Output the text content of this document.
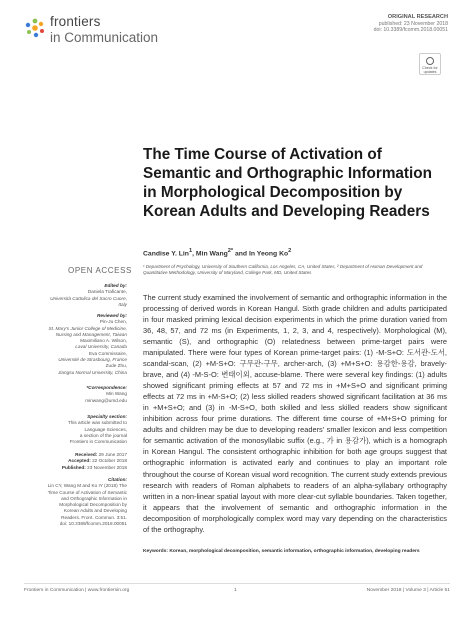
frontiers
in Communication
ORIGINAL RESEARCH
published: 23 November 2018
doi: 10.3389/fcomm.2018.00051
Check for
updates
The Time Course of Activation of Semantic and Orthographic Information in Morphological Decomposition by Korean Adults and Developing Readers
Candise Y. Lin$^1$, Min Wang$^{2*}$ and In Yeong Ko$^2$
¹ Department of Psychology, University of Southern California, Los Angeles, CA, United States, ² Department of Human Development and Quantitative Methodology, University of Maryland, College Park, MD, United States
OPEN ACCESS
Edited by:
Daniela Traficante,
Università Cattolica del Sacro Cuore,
Italy
Reviewed by:
Pin-Ju Chen,
St. Mary's Junior College of Medicine,
Nursing and Management, Taiwan
Maximiliano A. Wilson,
Laval University, Canada
Eva Commissaire,
Université de Strasbourg, France
Zude Zhu,
Jiangsu Normal University, China
*Correspondence:
Min Wang
minwang@umd.edu
Specialty section:
This article was submitted to
Language Sciences,
a section of the journal
Frontiers in Communication
Received: 29 June 2017
Accepted: 22 October 2018
Published: 23 November 2018
Citation:
Lin CY, Wang M and Ko IY (2018) The
Time Course of Activation of Semantic
and Orthographic Information in
Morphological Decomposition by
Korean Adults and Developing
Readers. Front. Commun. 3:51.
doi: 10.3389/fcomm.2018.00051
The current study examined the involvement of semantic and orthographic information in the processing of derived words in Korean Hangul. Sixth grade children and adults participated in four masked priming lexical decision experiments in which the prime duration varied from 36, 48, 57, and 72 ms (in Experiments, 1, 2, 3, and 4, respectively). Morphological (M), semantic (S), and orthographic (O) relatedness between prime-target pairs were manipulated. There were four types of Korean prime-target pairs: (1) -M-S+O: 도서관-도서, scandal-scan, (2) +M-S+O: 구무관-구무, archer-arch, (3) +M+S+O: 용감한-용감, bravely-brave, and (4) -M-S-O: 변태이외, accuse-blame. There were several key findings: (1) adults showed significant priming effects at 57 and 72 ms in +M+S+O and significant priming effects at 72 ms in +M-S+O; (2) less skilled readers showed significant facilitation at 36 ms in +M+S+O; and (3) in -M-S+O, both skilled and less skilled readers show significant inhibition across four prime durations. The different time course of +M+S+O priming for adults and children may be due to developing readers' smaller lexicon and less competition for semantic activation of the monosyllabic suffix (e.g., 가 in 용감가), which is a homograph in Korean Hangul. The consistent orthographic inhibition for both age groups suggest that orthographic information is activated early and continues to play an important role throughout the course of Korean visual word recognition. The current study extends previous research with readers of Roman alphabets to readers of an alpha-syllabary orthography written in a non-linear spatial layout with more clear-cut syllable boundaries. Taken together, it appears that the involvement of semantic and orthographic information in the decomposition of morphologically complex word may vary depending on the characteristics of the orthography.
Keywords: Korean, morphological decomposition, semantic information, orthographic information, developing readers
Frontiers in Communication | www.frontiersin.org	1	November 2018 | Volume 3 | Article 51
